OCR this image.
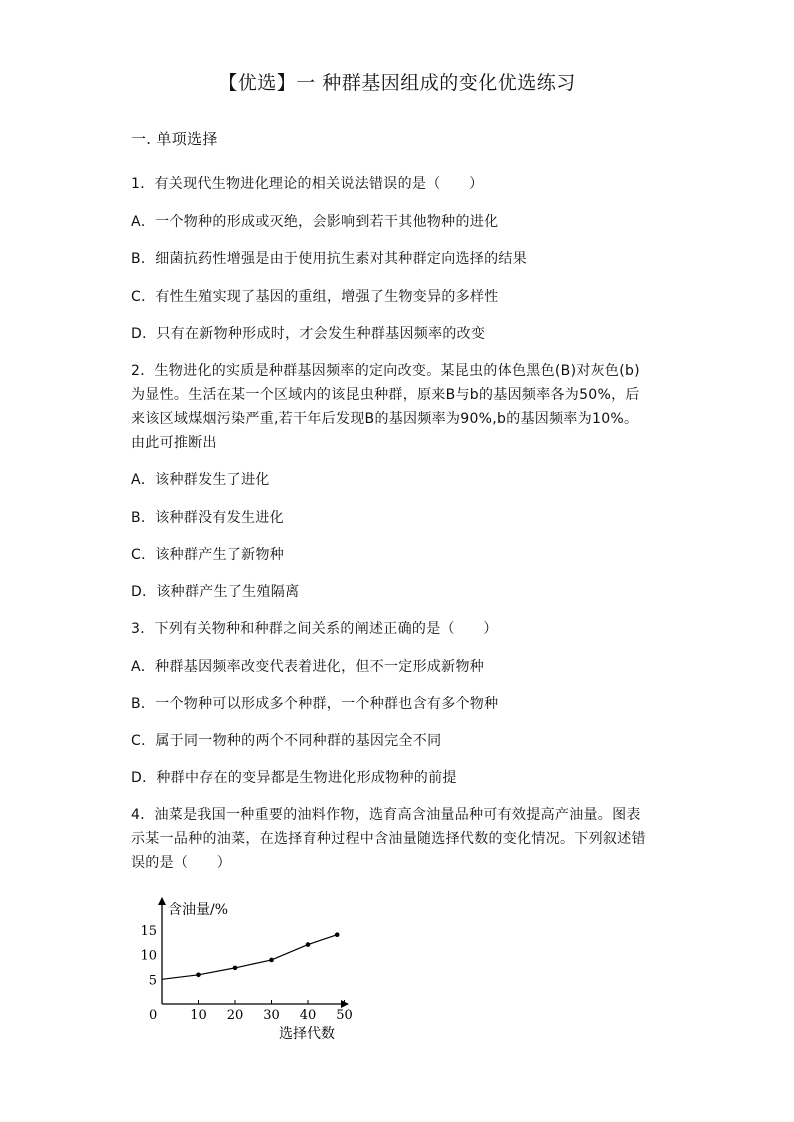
【优选】一 种群基因组成的变化优选练习
一. 单项选择
1．有关现代生物进化理论的相关说法错误的是（　　）
A．一个物种的形成或灭绝，会影响到若干其他物种的进化
B．细菌抗药性增强是由于使用抗生素对其种群定向选择的结果
C．有性生殖实现了基因的重组，增强了生物变异的多样性
D．只有在新物种形成时，才会发生种群基因频率的改变
2．生物进化的实质是种群基因频率的定向改变。某昆虫的体色黑色(B)对灰色(b)
为显性。生活在某一个区域内的该昆虫种群，原来B与b的基因频率各为50%，后
来该区域煤烟污染严重,若干年后发现B的基因频率为90%,b的基因频率为10%。
由此可推断出
A．该种群发生了进化
B．该种群没有发生进化
C．该种群产生了新物种
D．该种群产生了生殖隔离
3．下列有关物种和种群之间关系的阐述正确的是（　　）
A．种群基因频率改变代表着进化，但不一定形成新物种
B．一个物种可以形成多个种群，一个种群也含有多个物种
C．属于同一物种的两个不同种群的基因完全不同
D．种群中存在的变异都是生物进化形成物种的前提
4．油菜是我国一种重要的油料作物，选育高含油量品种可有效提高产油量。图表
示某一品种的油菜，在选择育种过程中含油量随选择代数的变化情况。下列叙述错
误的是（　　）
含油量/%
选择代数
0	10 20 30 40 50
5
10
15
